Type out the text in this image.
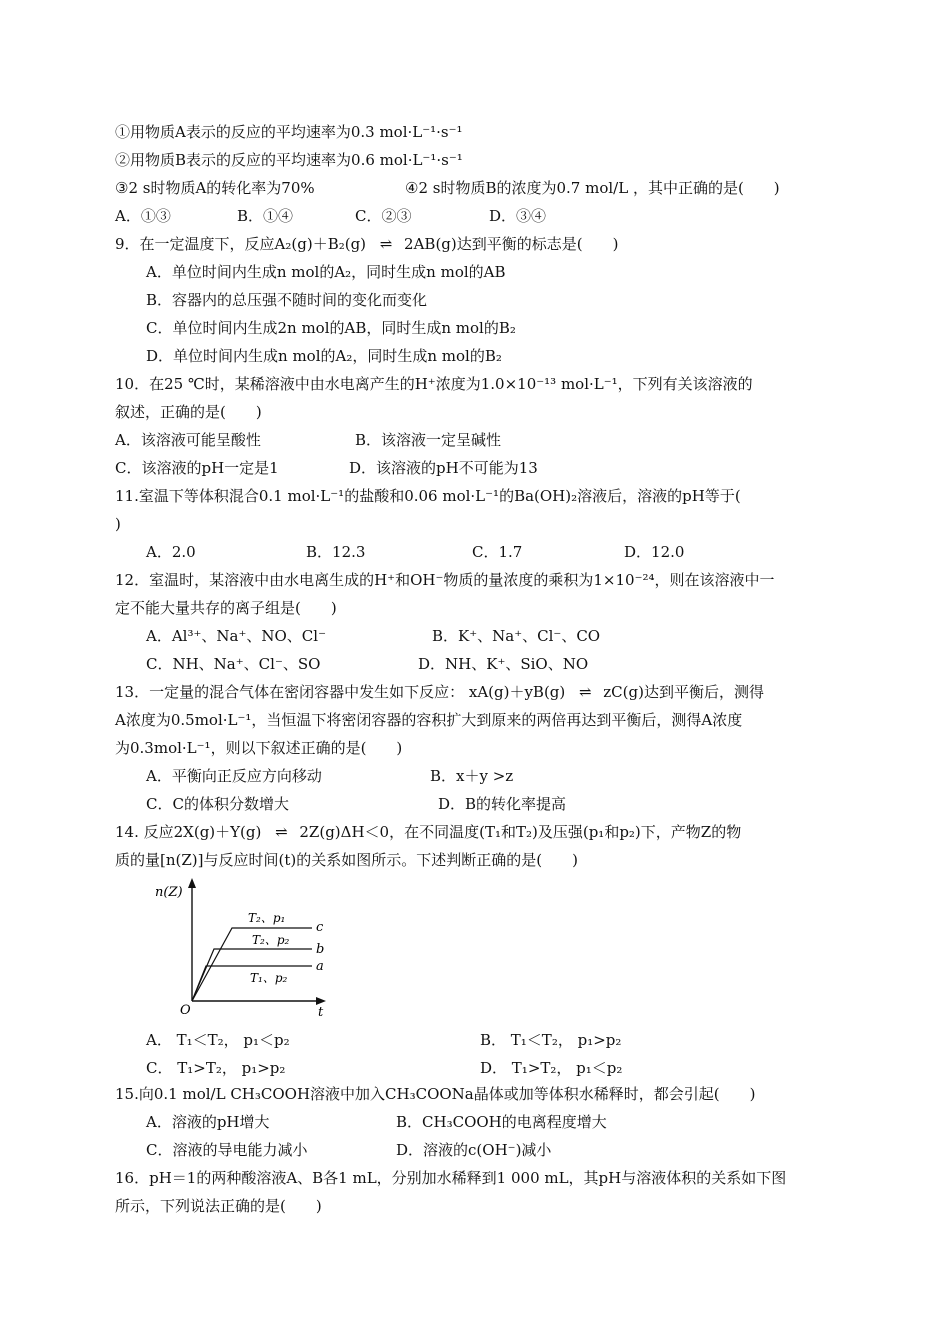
①用物质A表示的反应的平均速率为0.3 mol·L⁻¹·s⁻¹
②用物质B表示的反应的平均速率为0.6 mol·L⁻¹·s⁻¹
③2 s时物质A的转化率为70%	④2 s时物质B的浓度为0.7 mol/L ，其中正确的是(　　)
A．①③	B．①④	C．②③	D．③④
9．在一定温度下，反应A₂(g)＋B₂(g) ⇌ 2AB(g)达到平衡的标志是(　　)
A．单位时间内生成n mol的A₂，同时生成n mol的AB
B．容器内的总压强不随时间的变化而变化
C．单位时间内生成2n mol的AB，同时生成n mol的B₂
D．单位时间内生成n mol的A₂，同时生成n mol的B₂
10．在25 ℃时，某稀溶液中由水电离产生的H⁺浓度为1.0×10⁻¹³ mol·L⁻¹，下列有关该溶液的
叙述，正确的是(　　)
A．该溶液可能呈酸性	B．该溶液一定呈碱性
C．该溶液的pH一定是1	D．该溶液的pH不可能为13
11.室温下等体积混合0.1 mol·L⁻¹的盐酸和0.06 mol·L⁻¹的Ba(OH)₂溶液后，溶液的pH等于(
)
A．2.0	B．12.3	C．1.7	D．12.0
12．室温时，某溶液中由水电离生成的H⁺和OH⁻物质的量浓度的乘积为1×10⁻²⁴，则在该溶液中一
定不能大量共存的离子组是(　　)
A．Al³⁺、Na⁺、NO、Cl⁻	B．K⁺、Na⁺、Cl⁻、CO
C．NH、Na⁺、Cl⁻、SO	D．NH、K⁺、SiO、NO
13．一定量的混合气体在密闭容器中发生如下反应： xA(g)＋yB(g) ⇌ zC(g)达到平衡后，测得
A浓度为0.5mol·L⁻¹，当恒温下将密闭容器的容积扩大到原来的两倍再达到平衡后，测得A浓度
为0.3mol·L⁻¹，则以下叙述正确的是(　　)
A．平衡向正反应方向移动	B．x＋y >z
C．C的体积分数增大	D．B的转化率提高
14. 反应2X(g)＋Y(g) ⇌ 2Z(g)ΔH＜0，在不同温度(T₁和T₂)及压强(p₁和p₂)下，产物Z的物
质的量[n(Z)]与反应时间(t)的关系如图所示。下述判断正确的是(　　)
n(Z)
O	t
T₂、p₁
T₂、p₂
T₁、p₂
c
b
a
A． T₁＜T₂， p₁＜p₂	B． T₁＜T₂， p₁>p₂
C． T₁>T₂， p₁>p₂	D． T₁>T₂， p₁＜p₂
15.向0.1 mol/L CH₃COOH溶液中加入CH₃COONa晶体或加等体积水稀释时，都会引起(　　)
A．溶液的pH增大	B．CH₃COOH的电离程度增大
C．溶液的导电能力减小	D．溶液的c(OH⁻)减小
16．pH＝1的两种酸溶液A、B各1 mL，分别加水稀释到1 000 mL，其pH与溶液体积的关系如下图
所示，下列说法正确的是(　　)
